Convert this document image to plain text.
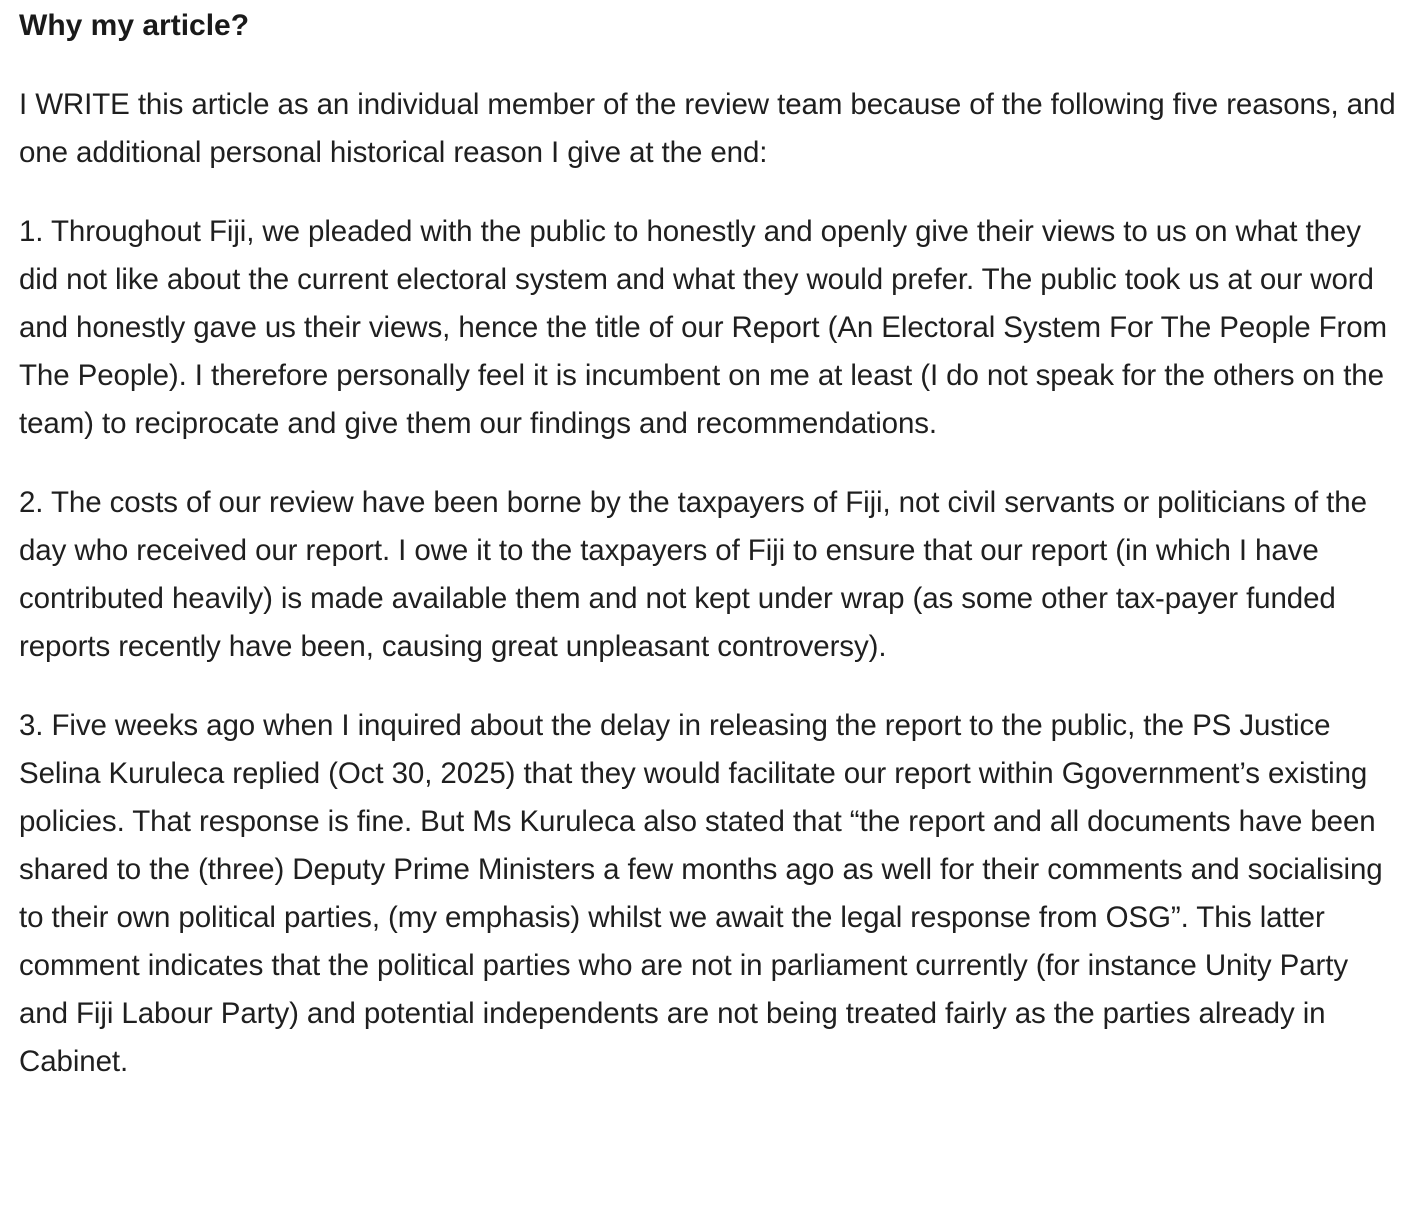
Why my article?

I WRITE this article as an individual member of the review team because of the following five reasons, and one additional personal historical reason I give at the end:

1. Throughout Fiji, we pleaded with the public to honestly and openly give their views to us on what they did not like about the current electoral system and what they would prefer. The public took us at our word and honestly gave us their views, hence the title of our Report (An Electoral System For The People From The People). I therefore personally feel it is incumbent on me at least (I do not speak for the others on the team) to reciprocate and give them our findings and recommendations.

2. The costs of our review have been borne by the taxpayers of Fiji, not civil servants or politicians of the day who received our report. I owe it to the taxpayers of Fiji to ensure that our report (in which I have contributed heavily) is made available them and not kept under wrap (as some other tax-payer funded reports recently have been, causing great unpleasant controversy).

3. Five weeks ago when I inquired about the delay in releasing the report to the public, the PS Justice Selina Kuruleca replied (Oct 30, 2025) that they would facilitate our report within Ggovernment’s existing policies. That response is fine. But Ms Kuruleca also stated that “the report and all documents have been shared to the (three) Deputy Prime Ministers a few months ago as well for their comments and socialising to their own political parties, (my emphasis) whilst we await the legal response from OSG”. This latter comment indicates that the political parties who are not in parliament currently (for instance Unity Party and Fiji Labour Party) and potential independents are not being treated fairly as the parties already in Cabinet.
